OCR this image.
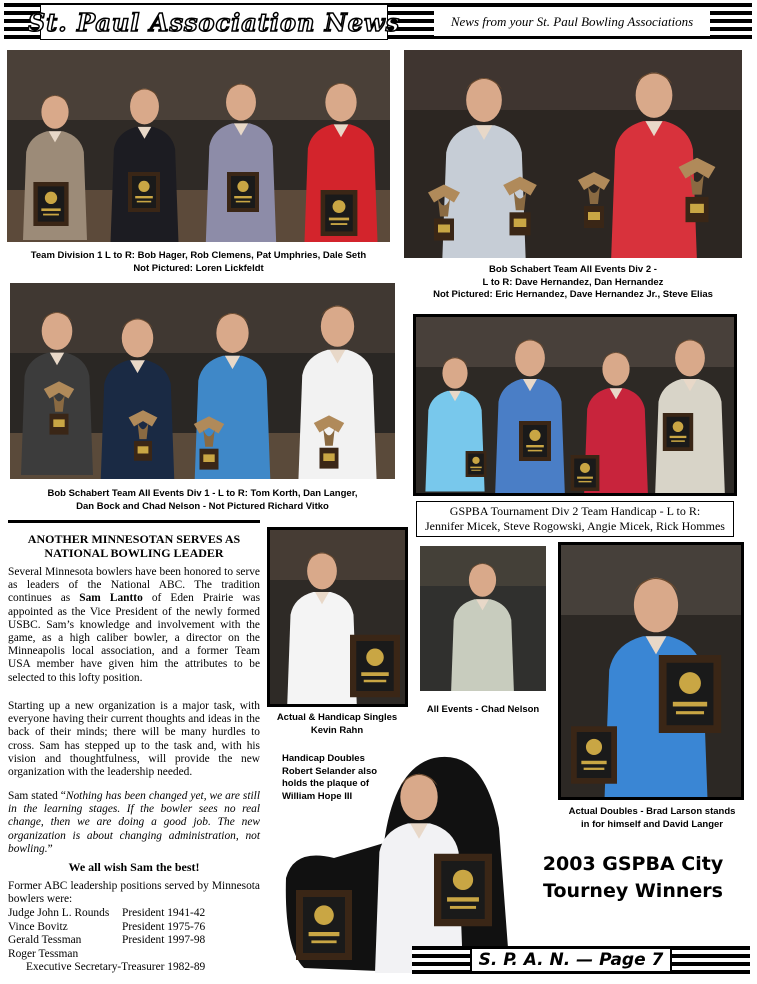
St. Paul Association News	News from your St. Paul Bowling Associations
Team Division 1 L to R: Bob Hager, Rob Clemens, Pat Umphries, Dale Seth
Not Pictured: Loren Lickfeldt	Bob Schabert Team All Events Div 2 -
L to R: Dave Hernandez, Dan Hernandez
Not Pictured: Eric Hernandez, Dave Hernandez Jr., Steve Elias
Bob Schabert Team All Events Div 1 - L to R: Tom Korth, Dan Langer,
Dan Bock and Chad Nelson - Not Pictured Richard Vitko	GSPBA Tournament Div 2 Team Handicap - L to R:
Jennifer Micek, Steve Rogowski, Angie Micek, Rick Hommes
ANOTHER MINNESOTAN SERVES AS
NATIONAL BOWLING LEADER
Several Minnesota bowlers have been honored to serve as leaders of the National ABC. The tradition continues as Sam Lantto of Eden Prairie was appointed as the Vice President of the newly formed USBC. Sam’s knowledge and involvement with the game, as a high caliber bowler, a director on the Minneapolis local association, and a former Team USA member have given him the attributes to be selected to this lofty position.
Starting up a new organization is a major task, with everyone having their current thoughts and ideas in the back of their minds; there will be many hurdles to cross. Sam has stepped up to the task and, with his vision and thoughtfulness, will provide the new organization with the leadership needed.
Sam stated “Nothing has been changed yet, we are still in the learning stages. If the bowler sees no real change, then we are doing a good job. The new organization is about changing administration, not bowling.”
We all wish Sam the best!
Former ABC leadership positions served by Minnesota bowlers were:
Judge John L. Rounds	President 1941-42
Vince Bovitz	President 1975-76
Gerald Tessman	President 1997-98
Roger Tessman
Executive Secretary-Treasurer 1982-89
Actual & Handicap Singles
Kevin Rahn
All Events - Chad Nelson
Actual Doubles - Brad Larson stands
in for himself and David Langer
Handicap Doubles
Robert Selander also
holds the plaque of
William Hope III
2003 GSPBA City
Tourney Winners
S. P. A. N. — Page 7
